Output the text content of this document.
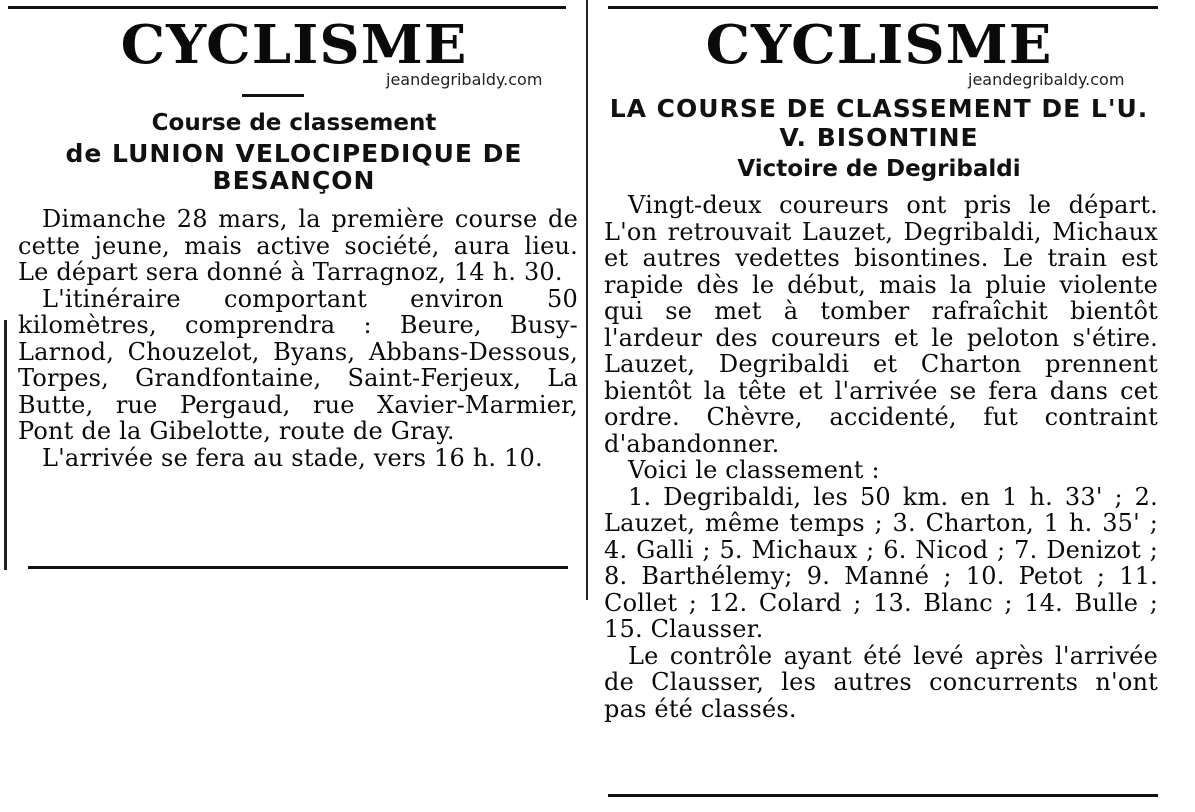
CYCLISME
jeandegribaldy.com
Course de classement
de LUNION VELOCIPEDIQUE DE BESANÇON

Dimanche 28 mars, la première course de cette jeune, mais active société, aura lieu. Le départ sera donné à Tarragnoz, 14 h. 30.

L'itinéraire comportant environ 50 kilomètres, comprendra : Beure, Busy-Larnod, Chouzelot, Byans, Abbans-Dessous, Torpes, Grandfontaine, Saint-Ferjeux, La Butte, rue Pergaud, rue Xavier-Marmier, Pont de la Gibelotte, route de Gray.

L'arrivée se fera au stade, vers 16 h. 10.

CYCLISME
jeandegribaldy.com
LA COURSE DE CLASSEMENT DE L'U. V. BISONTINE
Victoire de Degribaldi

Vingt-deux coureurs ont pris le départ. L'on retrouvait Lauzet, Degribaldi, Michaux et autres vedettes bisontines. Le train est rapide dès le début, mais la pluie violente qui se met à tomber rafraîchit bientôt l'ardeur des coureurs et le peloton s'étire. Lauzet, Degribaldi et Charton prennent bientôt la tête et l'arrivée se fera dans cet ordre. Chèvre, accidenté, fut contraint d'abandonner.

Voici le classement :

1. Degribaldi, les 50 km. en 1 h. 33' ; 2. Lauzet, même temps ; 3. Charton, 1 h. 35' ; 4. Galli ; 5. Michaux ; 6. Nicod ; 7. Denizot ; 8. Barthélemy; 9. Manné ; 10. Petot ; 11. Collet ; 12. Colard ; 13. Blanc ; 14. Bulle ; 15. Clausser.

Le contrôle ayant été levé après l'arrivée de Clausser, les autres concurrents n'ont pas été classés.
